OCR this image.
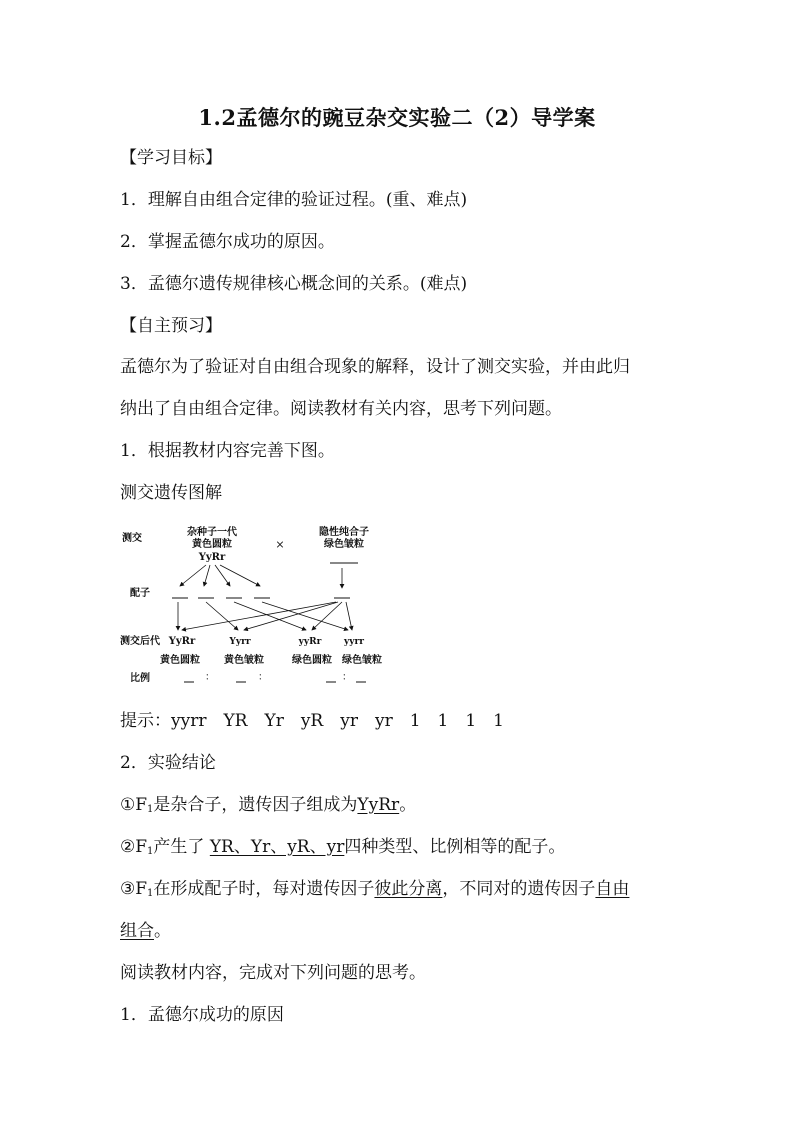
1.2孟德尔的豌豆杂交实验二（2）导学案
【学习目标】
1．理解自由组合定律的验证过程。(重、难点)
2．掌握孟德尔成功的原因。
3．孟德尔遗传规律核心概念间的关系。(难点)
【自主预习】
孟德尔为了验证对自由组合现象的解释，设计了测交实验，并由此归
纳出了自由组合定律。阅读教材有关内容，思考下列问题。
1．根据教材内容完善下图。
测交遗传图解
测交
配子
测交后代
比例
杂种子一代
黄色圆粒
YyRr
×
隐性纯合子
绿色皱粒
YyRr	Yyrr	yyRr	yyrr
黄色圆粒 黄色皱粒	绿色圆粒 绿色皱粒
：	：	：
提示：yyrr　YR　Yr　yR　yr　yr　1　1　1　1
2．实验结论
$①F_1$是杂合子，遗传因子组成为YyRr。
$②F_1$产生了 YR、Yr、yR、yr四种类型、比例相等的配子。
$③F_1$在形成配子时，每对遗传因子彼此分离，不同对的遗传因子自由
组合。
阅读教材内容，完成对下列问题的思考。
1．孟德尔成功的原因
